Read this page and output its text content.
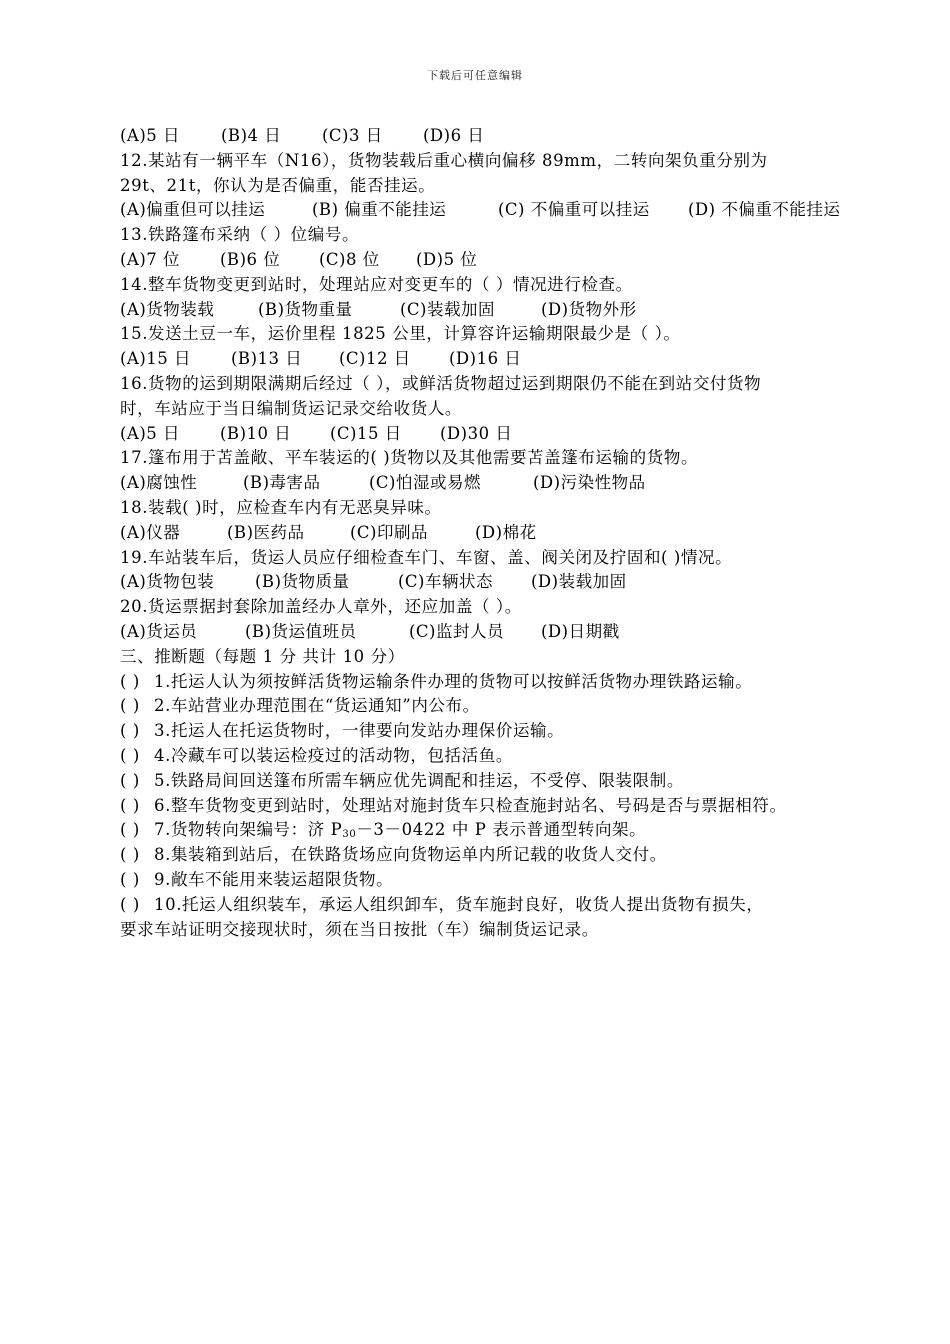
下载后可任意编辑
(A)5 日 (B)4 日 (C)3 日 (D)6 日
12.某站有一辆平车（N16），货物装载后重心横向偏移 89mm，二转向架负重分别为
29t、21t，你认为是否偏重，能否挂运。
(A)偏重但可以挂运	(B) 偏重不能挂运	(C) 不偏重可以挂运 (D) 不偏重不能挂运
13.铁路篷布采纳（ ）位编号。
(A)7 位 (B)6 位 (C)8 位 (D)5 位
14.整车货物变更到站时，处理站应对变更车的（ ）情况进行检查。
(A)货物装载	(B)货物重量	(C)装载加固	(D)货物外形
15.发送土豆一车，运价里程 1825 公里，计算容许运输期限最少是（ ）。
(A)15 日 (B)13 日 (C)12 日 (D)16 日
16.货物的运到期限满期后经过（ ），或鲜活货物超过运到期限仍不能在到站交付货物
时，车站应于当日编制货运记录交给收货人。
(A)5 日 (B)10 日 (C)15 日 (D)30 日
17.篷布用于苫盖敞、平车装运的( )货物以及其他需要苫盖篷布运输的货物。
(A)腐蚀性	(B)毒害品	(C)怕湿或易燃	(D)污染性物品
18.装载( )时，应检查车内有无恶臭异味。
(A)仪器	(B)医药品	(C)印刷品	(D)棉花
19.车站装车后，货运人员应仔细检查车门、车窗、盖、阀关闭及拧固和( )情况。
(A)货物包装 (B)货物质量	(C)车辆状态 (D)装载加固
20.货运票据封套除加盖经办人章外，还应加盖（ ）。
(A)货运员	(B)货运值班员	(C)监封人员 (D)日期戳
三、推断题（每题 1 分 共计 10 分）
( ) 1.托运人认为须按鲜活货物运输条件办理的货物可以按鲜活货物办理铁路运输。
( ) 2.车站营业办理范围在“货运通知”内公布。
( ) 3.托运人在托运货物时，一律要向发站办理保价运输。
( ) 4.冷藏车可以装运检疫过的活动物，包括活鱼。
( ) 5.铁路局间回送篷布所需车辆应优先调配和挂运，不受停、限装限制。
( ) 6.整车货物变更到站时，处理站对施封货车只检查施封站名、号码是否与票据相符。
( ) 7.货物转向架编号：济 $P_{30}-3-0422$ 中 P 表示普通型转向架。
( ) 8.集装箱到站后，在铁路货场应向货物运单内所记载的收货人交付。
( ) 9.敞车不能用来装运超限货物。
( ) 10.托运人组织装车，承运人组织卸车，货车施封良好，收货人提出货物有损失，
要求车站证明交接现状时，须在当日按批（车）编制货运记录。
